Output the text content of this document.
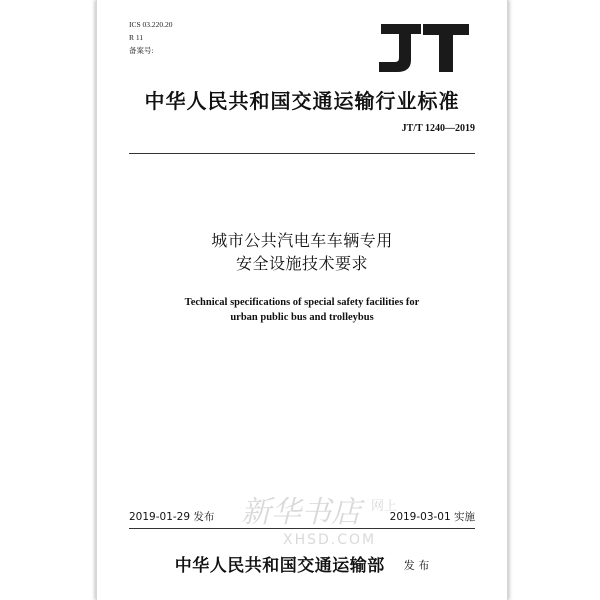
ICS 03.220.20
R 11
备案号:
中华人民共和国交通运输行业标准
JT/T 1240—2019
城市公共汽电车车辆专用
安全设施技术要求
Technical specifications of special safety facilities for
urban public bus and trolleybus
新华书店 网上
XHSD.COM
2019-01-29 发布	2019-03-01 实施
中华人民共和国交通运输部 发 布
